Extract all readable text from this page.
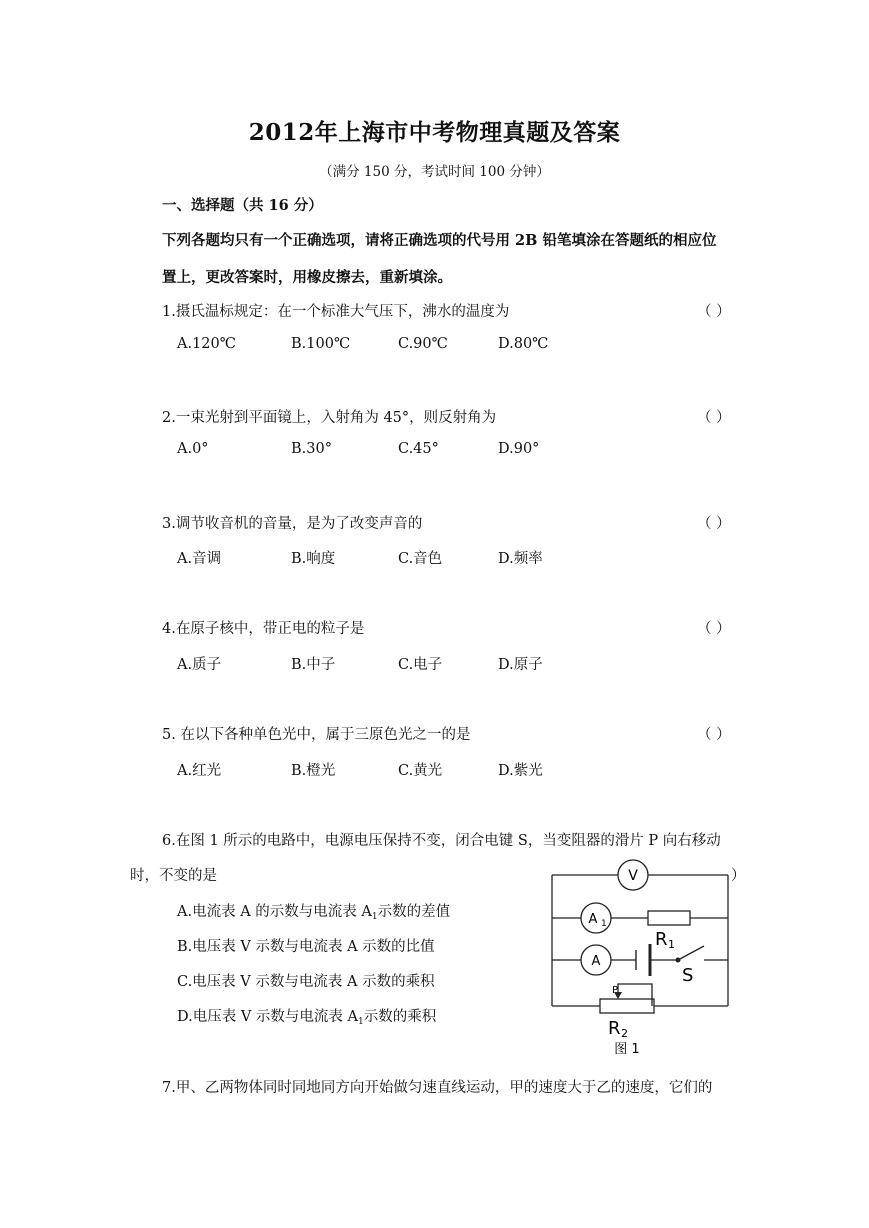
2012年上海市中考物理真题及答案
（满分 150 分，考试时间 100 分钟）
一、选择题（共 16 分）
下列各题均只有一个正确选项，请将正确选项的代号用 2B 铅笔填涂在答题纸的相应位
置上，更改答案时，用橡皮擦去，重新填涂。
1.摄氏温标规定：在一个标准大气压下，沸水的温度为	（ ）
A.120℃	B.100℃	C.90℃	D.80℃
2.一束光射到平面镜上，入射角为 45°，则反射角为	（ ）
A.0°	B.30°	C.45°	D.90°
3.调节收音机的音量，是为了改变声音的	（ ）
A.音调	B.响度	C.音色	D.频率
4.在原子核中，带正电的粒子是	（ ）
A.质子	B.中子	C.电子	D.原子
5. 在以下各种单色光中，属于三原色光之一的是	（ ）
A.红光	B.橙光	C.黄光	D.紫光
6.在图 1 所示的电路中，电源电压保持不变，闭合电键 S，当变阻器的滑片 P 向右移动
时，不变的是	）
A.电流表 A 的示数与电流表 $A_1$示数的差值
B.电压表 V 示数与电流表 A 示数的比值
C.电压表 V 示数与电流表 A 示数的乘积
D.电压表 V 示数与电流表 $A_1$示数的乘积
V
A 1
A
R 1
S
P
R 2
图 1
7.甲、乙两物体同时同地同方向开始做匀速直线运动，甲的速度大于乙的速度，它们的
